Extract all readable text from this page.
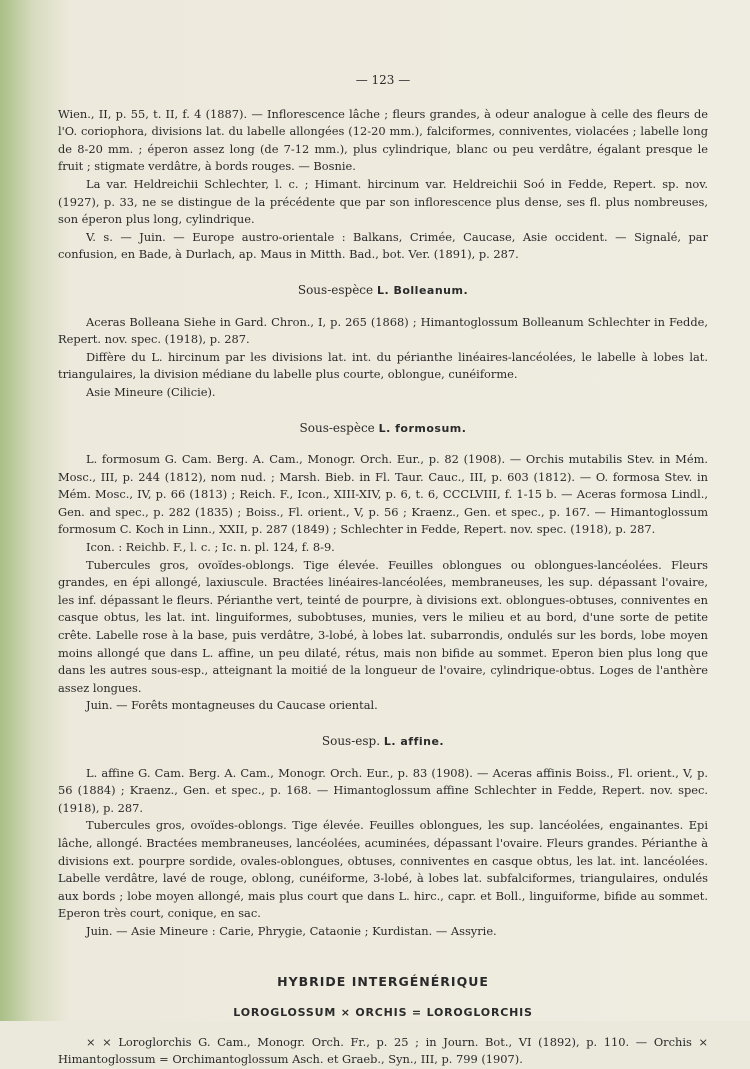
— 123 —

Wien., II, p. 55, t. II, f. 4 (1887). — Inflorescence lâche ; fleurs grandes, à odeur analogue à celle des fleurs de l'O. coriophora, divisions lat. du labelle allongées (12-20 mm.), falciformes, conniventes, violacées ; labelle long de 8-20 mm. ; éperon assez long (de 7-12 mm.), plus cylindrique, blanc ou peu verdâtre, égalant presque le fruit ; stigmate verdâtre, à bords rouges. — Bosnie.

La var. Heldreichii Schlechter, l. c. ; Himant. hircinum var. Heldreichii Soó in Fedde, Repert. sp. nov. (1927), p. 33, ne se distingue de la précédente que par son inflorescence plus dense, ses fl. plus nombreuses, son éperon plus long, cylindrique.

V. s. — Juin. — Europe austro-orientale : Balkans, Crimée, Caucase, Asie occident. — Signalé, par confusion, en Bade, à Durlach, ap. Maus in Mitth. Bad., bot. Ver. (1891), p. 287.

Sous-espèce L. Bolleanum.

Aceras Bolleana Siehe in Gard. Chron., I, p. 265 (1868) ; Himantoglossum Bolleanum Schlechter in Fedde, Repert. nov. spec. (1918), p. 287.

Diffère du L. hircinum par les divisions lat. int. du périanthe linéaires-lancéolées, le labelle à lobes lat. triangulaires, la division médiane du labelle plus courte, oblongue, cunéiforme.

Asie Mineure (Cilicie).

Sous-espèce L. formosum.

L. formosum G. Cam. Berg. A. Cam., Monogr. Orch. Eur., p. 82 (1908). — Orchis mutabilis Stev. in Mém. Mosc., III, p. 244 (1812), nom nud. ; Marsh. Bieb. in Fl. Taur. Cauc., III, p. 603 (1812). — O. formosa Stev. in Mém. Mosc., IV, p. 66 (1813) ; Reich. F., Icon., XIII-XIV, p. 6, t. 6, CCCLVIII, f. 1-15 b. — Aceras formosa Lindl., Gen. and spec., p. 282 (1835) ; Boiss., Fl. orient., V, p. 56 ; Kraenz., Gen. et spec., p. 167. — Himantoglossum formosum C. Koch in Linn., XXII, p. 287 (1849) ; Schlechter in Fedde, Repert. nov. spec. (1918), p. 287.

Icon. : Reichb. F., l. c. ; Ic. n. pl. 124, f. 8-9.

Tubercules gros, ovoïdes-oblongs. Tige élevée. Feuilles oblongues ou oblongues-lancéolées. Fleurs grandes, en épi allongé, laxiuscule. Bractées linéaires-lancéolées, membraneuses, les sup. dépassant l'ovaire, les inf. dépassant le fleurs. Périanthe vert, teinté de pourpre, à divisions ext. oblongues-obtuses, conniventes en casque obtus, les lat. int. linguiformes, subobtuses, munies, vers le milieu et au bord, d'une sorte de petite crête. Labelle rose à la base, puis verdâtre, 3-lobé, à lobes lat. subarrondis, ondulés sur les bords, lobe moyen moins allongé que dans L. affine, un peu dilaté, rétus, mais non bifide au sommet. Eperon bien plus long que dans les autres sous-esp., atteignant la moitié de la longueur de l'ovaire, cylindrique-obtus. Loges de l'anthère assez longues.

Juin. — Forêts montagneuses du Caucase oriental.

Sous-esp. L. affine.

L. affine G. Cam. Berg. A. Cam., Monogr. Orch. Eur., p. 83 (1908). — Aceras affinis Boiss., Fl. orient., V, p. 56 (1884) ; Kraenz., Gen. et spec., p. 168. — Himantoglossum affine Schlechter in Fedde, Repert. nov. spec. (1918), p. 287.

Tubercules gros, ovoïdes-oblongs. Tige élevée. Feuilles oblongues, les sup. lancéolées, engainantes. Epi lâche, allongé. Bractées membraneuses, lancéolées, acuminées, dépassant l'ovaire. Fleurs grandes. Périanthe à divisions ext. pourpre sordide, ovales-oblongues, obtuses, conniventes en casque obtus, les lat. int. lancéolées. Labelle verdâtre, lavé de rouge, oblong, cunéiforme, 3-lobé, à lobes lat. subfalciformes, triangulaires, ondulés aux bords ; lobe moyen allongé, mais plus court que dans L. hirc., capr. et Boll., linguiforme, bifide au sommet. Eperon très court, conique, en sac.

Juin. — Asie Mineure : Carie, Phrygie, Cataonie ; Kurdistan. — Assyrie.

HYBRIDE INTERGÉNÉRIQUE
LOROGLOSSUM × ORCHIS = LOROGLORCHIS

× × Loroglorchis G. Cam., Monogr. Orch. Fr., p. 25 ; in Journ. Bot., VI (1892), p. 110. — Orchis × Himantoglossum = Orchimantoglossum Asch. et Graeb., Syn., III, p. 799 (1907).
